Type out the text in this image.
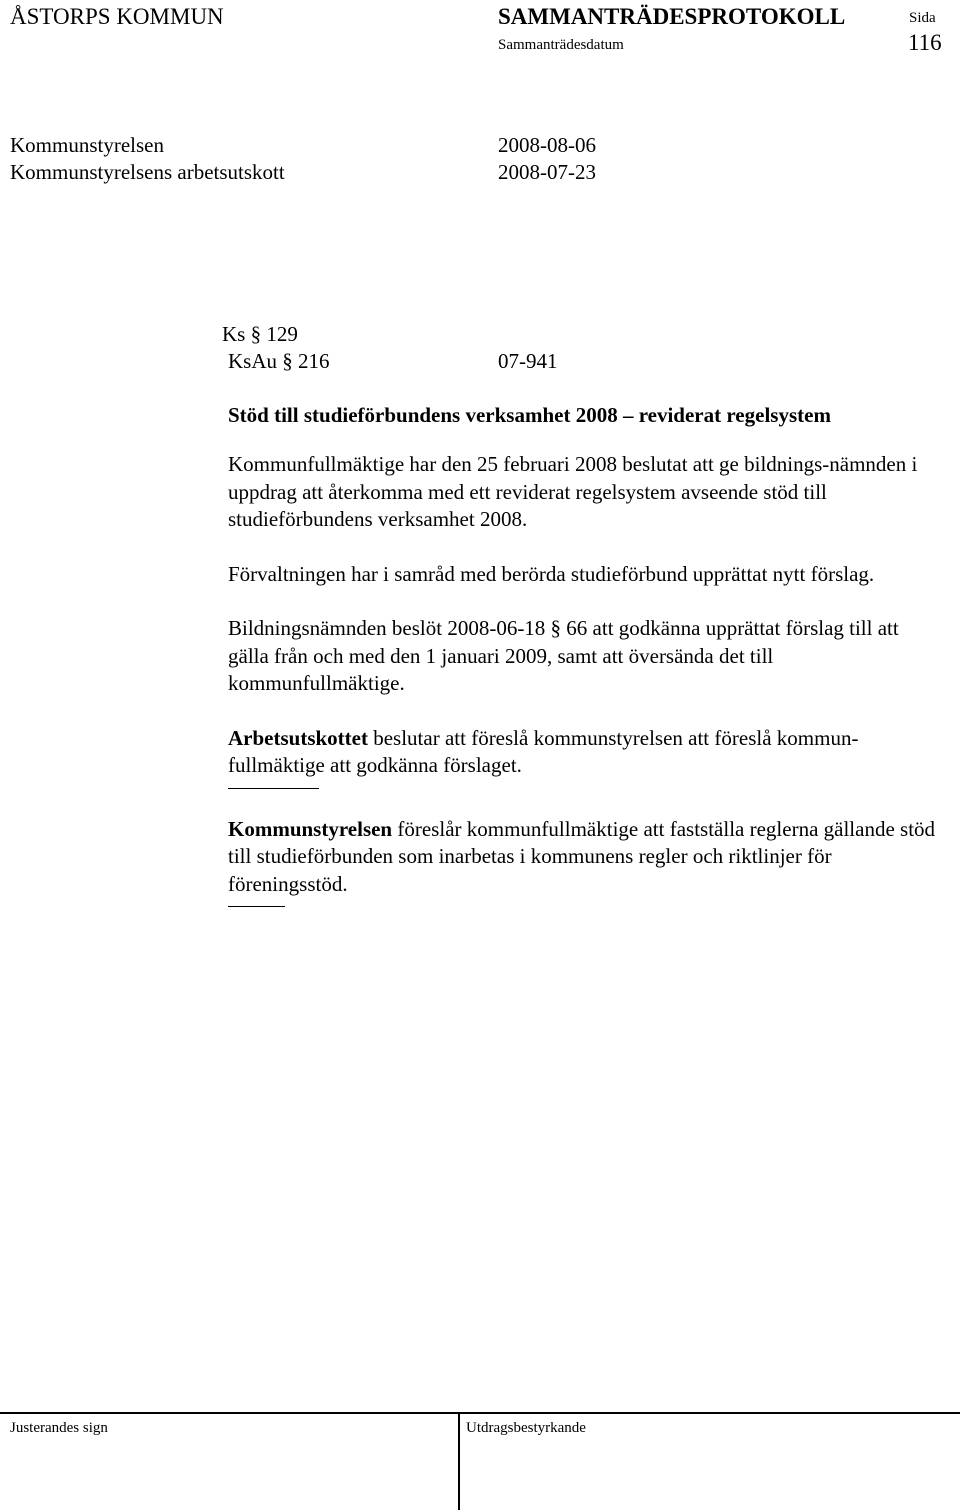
ÅSTORPS KOMMUN	SAMMANTRÄDESPROTOKOLL	Sida
Sammanträdesdatum	116
Kommunstyrelsen	2008-08-06
Kommunstyrelsens arbetsutskott	2008-07-23
Ks § 129
KsAu § 216	07-941
Stöd till studieförbundens verksamhet 2008 – reviderat regelsystem

Kommunfullmäktige har den 25 februari 2008 beslutat att ge bildnings-nämnden i uppdrag att återkomma med ett reviderat regelsystem avseende stöd till studieförbundens verksamhet 2008.

Förvaltningen har i samråd med berörda studieförbund upprättat nytt förslag.

Bildningsnämnden beslöt 2008-06-18 § 66 att godkänna upprättat förslag till att gälla från och med den 1 januari 2009, samt att översända det till kommunfullmäktige.

Arbetsutskottet beslutar att föreslå kommunstyrelsen att föreslå kommun-fullmäktige att godkänna förslaget.

Kommunstyrelsen föreslår kommunfullmäktige att fastställa reglerna gällande stöd till studieförbunden som inarbetas i kommunens regler och riktlinjer för föreningsstöd.

Justerandes sign	Utdragsbestyrkande
